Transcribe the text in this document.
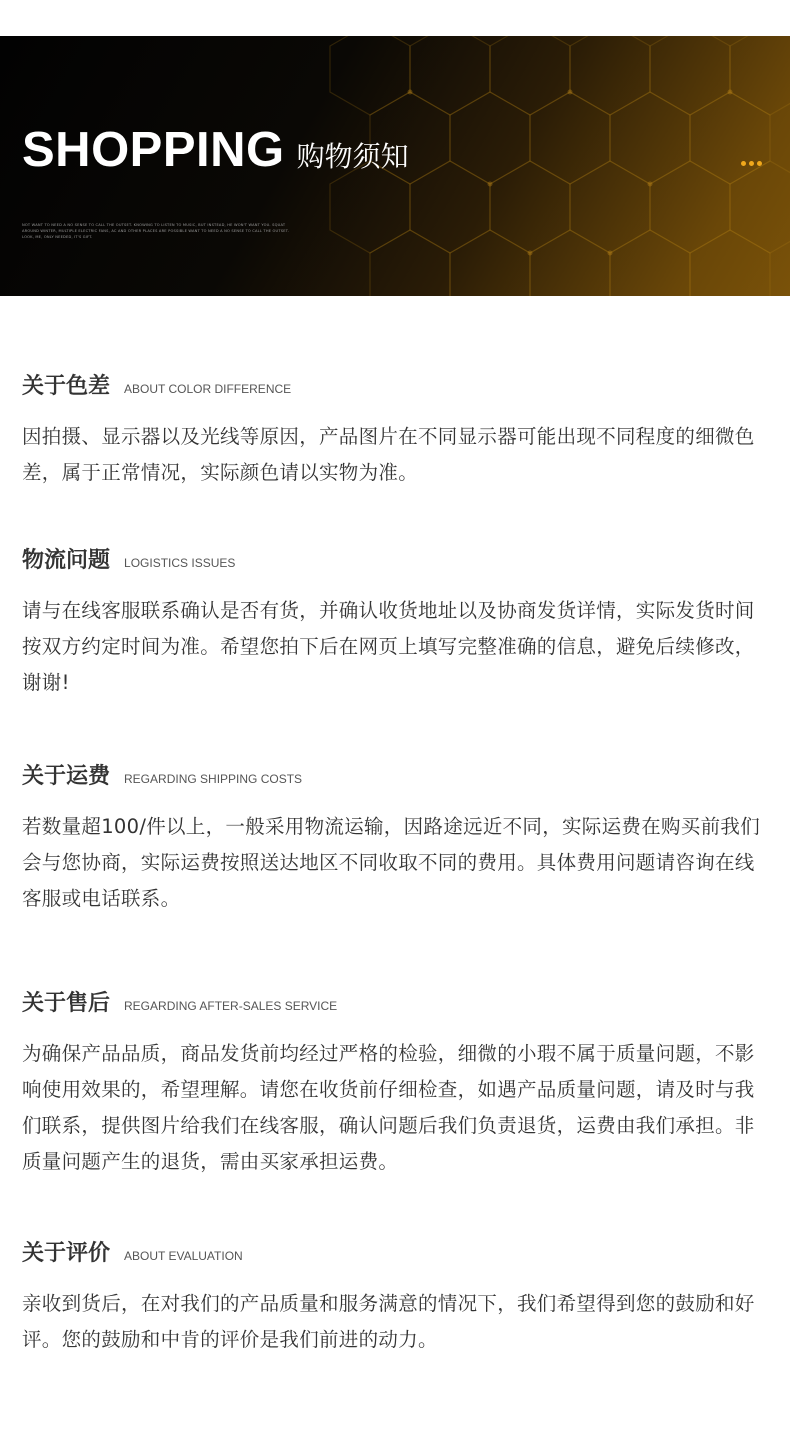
SHOPPING 购物须知
NOT WANT TO NEED A NO SENSE TO CALL THE OUTSET. KNOWING TO LISTEN TO MUSIC, BUT INSTEAD, HE WON'T WANT YOU. SQUAT AROUND WINTER, MULTIPLE ELECTRIC FANS, AC AND OTHER PLACES ARE POSSIBLE WANT TO NEED A NO SENSE TO CALL THE OUTSET. LOOK, ME, ONLY NEEDED, IT'S GIFT.
关于色差 ABOUT COLOR DIFFERENCE

因拍摄、显示器以及光线等原因，产品图片在不同显示器可能出现不同程度的细微色差，属于正常情况，实际颜色请以实物为准。

物流问题 LOGISTICS ISSUES

请与在线客服联系确认是否有货，并确认收货地址以及协商发货详情，实际发货时间按双方约定时间为准。希望您拍下后在网页上填写完整准确的信息，避免后续修改，谢谢!

关于运费 REGARDING SHIPPING COSTS

若数量超100/件以上，一般采用物流运输，因路途远近不同，实际运费在购买前我们会与您协商，实际运费按照送达地区不同收取不同的费用。具体费用问题请咨询在线客服或电话联系。

关于售后 REGARDING AFTER-SALES SERVICE

为确保产品品质，商品发货前均经过严格的检验，细微的小瑕不属于质量问题，不影响使用效果的，希望理解。请您在收货前仔细检查，如遇产品质量问题，请及时与我们联系，提供图片给我们在线客服，确认问题后我们负责退货，运费由我们承担。非质量问题产生的退货，需由买家承担运费。

关于评价 ABOUT EVALUATION

亲收到货后，在对我们的产品质量和服务满意的情况下，我们希望得到您的鼓励和好评。您的鼓励和中肯的评价是我们前进的动力。
